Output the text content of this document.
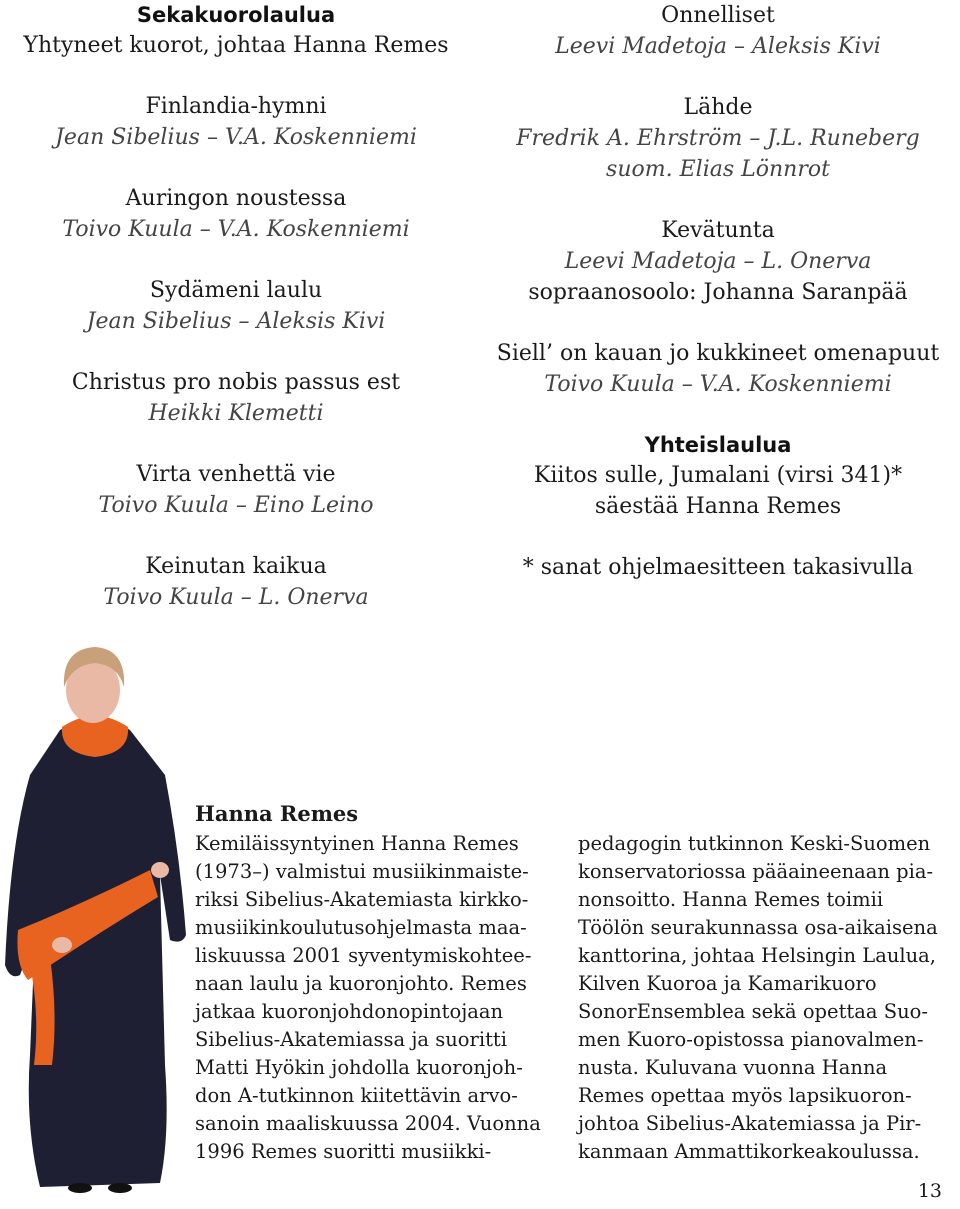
Sekakuorolaulua
Yhtyneet kuorot, johtaa Hanna Remes
Finlandia-hymni
Jean Sibelius – V.A. Koskenniemi
Auringon noustessa
Toivo Kuula – V.A. Koskenniemi
Sydämeni laulu
Jean Sibelius – Aleksis Kivi
Christus pro nobis passus est
Heikki Klemetti
Virta venhettä vie
Toivo Kuula – Eino Leino
Keinutan kaikua
Toivo Kuula – L. Onerva
Onnelliset
Leevi Madetoja – Aleksis Kivi
Lähde
Fredrik A. Ehrström – J.L. Runeberg
suom. Elias Lönnrot
Kevätunta
Leevi Madetoja – L. Onerva
sopraanosoolo: Johanna Saranpää
Siell’ on kauan jo kukkineet omenapuut
Toivo Kuula – V.A. Koskenniemi
Yhteislaulua
Kiitos sulle, Jumalani (virsi 341)*
säestää Hanna Remes
* sanat ohjelmaesitteen takasivulla
Hanna Remes
Kemiläissyntyinen Hanna Remes
(1973–) valmistui musiikinmaiste-
riksi Sibelius-Akatemiasta kirkko-
musiikinkoulutusohjelmasta maa-
liskuussa 2001 syventymiskohtee-
naan laulu ja kuoronjohto. Remes
jatkaa kuoronjohdonopintojaan
Sibelius-Akatemiassa ja suoritti
Matti Hyökin johdolla kuoronjoh-
don A-tutkinnon kiitettävin arvo-
sanoin maaliskuussa 2004. Vuonna
1996 Remes suoritti musiikki-
pedagogin tutkinnon Keski-Suomen
konservatoriossa pääaineenaan pia-
nonsoitto. Hanna Remes toimii
Töölön seurakunnassa osa-aikaisena
kanttorina, johtaa Helsingin Laulua,
Kilven Kuoroa ja Kamarikuoro
SonorEnsemblea sekä opettaa Suo-
men Kuoro-opistossa pianovalmen-
nusta. Kuluvana vuonna Hanna
Remes opettaa myös lapsikuoron-
johtoa Sibelius-Akatemiassa ja Pir-
kanmaan Ammattikorkeakoulussa.
13
